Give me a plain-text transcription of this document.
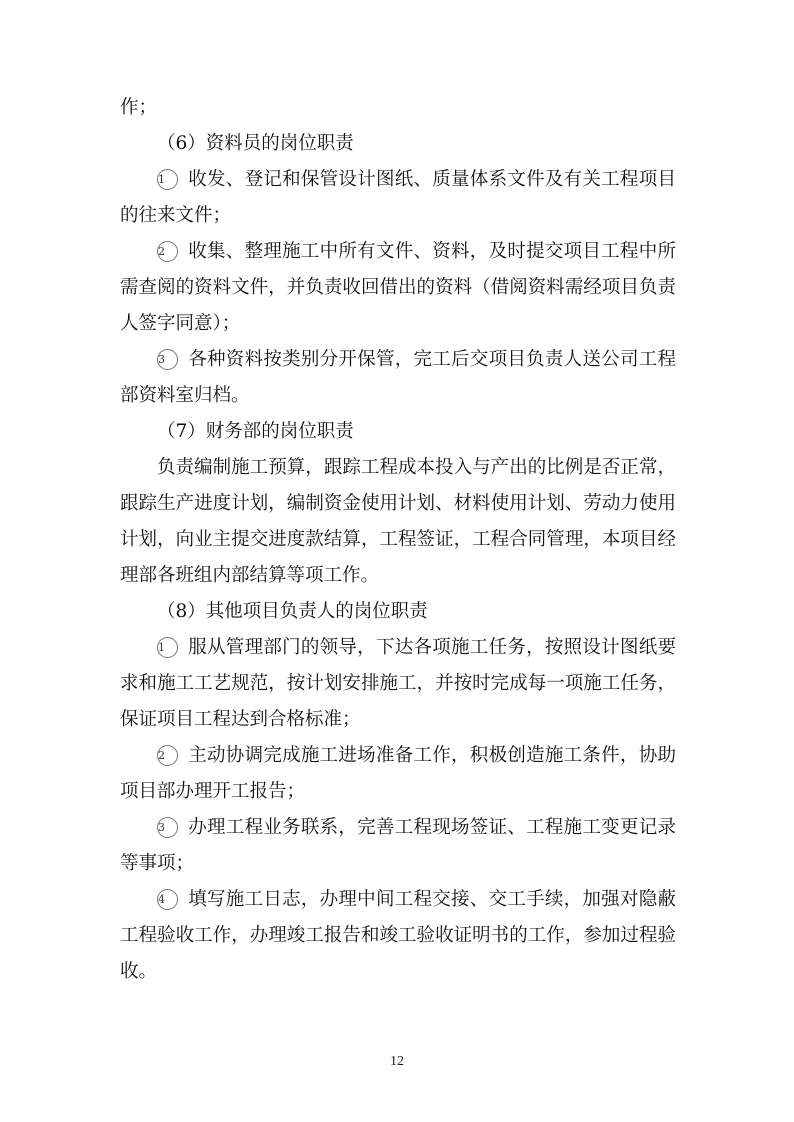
作；

（6）资料员的岗位职责

1 收发、登记和保管设计图纸、质量体系文件及有关工程项目的往来文件；

2 收集、整理施工中所有文件、资料，及时提交项目工程中所需查阅的资料文件，并负责收回借出的资料（借阅资料需经项目负责人签字同意）；

3 各种资料按类别分开保管，完工后交项目负责人送公司工程部资料室归档。

（7）财务部的岗位职责

负责编制施工预算，跟踪工程成本投入与产出的比例是否正常，跟踪生产进度计划，编制资金使用计划、材料使用计划、劳动力使用计划，向业主提交进度款结算，工程签证，工程合同管理，本项目经理部各班组内部结算等项工作。

（8）其他项目负责人的岗位职责

1 服从管理部门的领导，下达各项施工任务，按照设计图纸要求和施工工艺规范，按计划安排施工，并按时完成每一项施工任务，保证项目工程达到合格标准；

2 主动协调完成施工进场准备工作，积极创造施工条件，协助项目部办理开工报告；

3 办理工程业务联系，完善工程现场签证、工程施工变更记录等事项；

4 填写施工日志，办理中间工程交接、交工手续，加强对隐蔽工程验收工作，办理竣工报告和竣工验收证明书的工作，参加过程验收。

12
